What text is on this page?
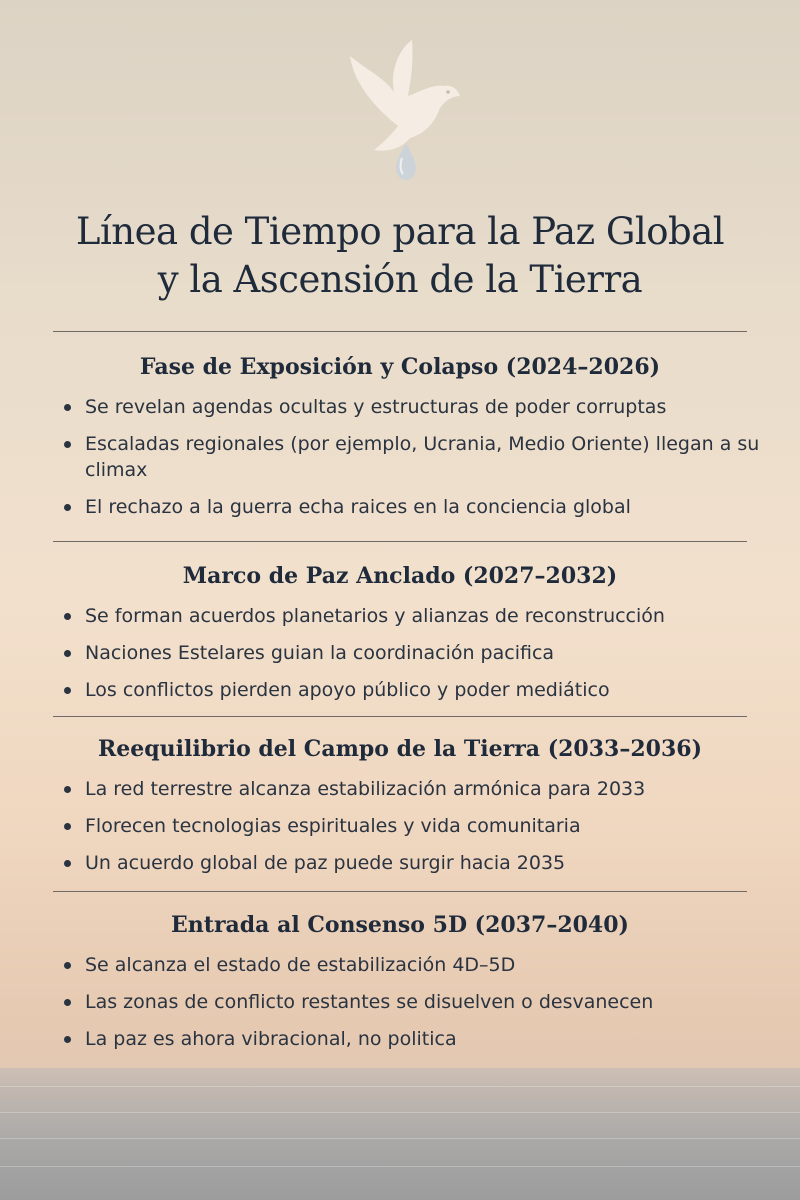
Línea de Tiempo para la Paz Global
y la Ascensión de la Tierra
Fase de Exposición y Colapso (2024–2026)
Se revelan agendas ocultas y estructuras de poder corruptas
Escaladas regionales (por ejemplo, Ucrania, Medio Oriente) llegan a su climax
El rechazo a la guerra echa raices en la conciencia global
Marco de Paz Anclado (2027–2032)
Se forman acuerdos planetarios y alianzas de reconstrucción
Naciones Estelares guian la coordinación pacifica
Los conflictos pierden apoyo público y poder mediático
Reequilibrio del Campo de la Tierra (2033–2036)
La red terrestre alcanza estabilización armónica para 2033
Florecen tecnologias espirituales y vida comunitaria
Un acuerdo global de paz puede surgir hacia 2035
Entrada al Consenso 5D (2037–2040)
Se alcanza el estado de estabilización 4D–5D
Las zonas de conflicto restantes se disuelven o desvanecen
La paz es ahora vibracional, no politica
